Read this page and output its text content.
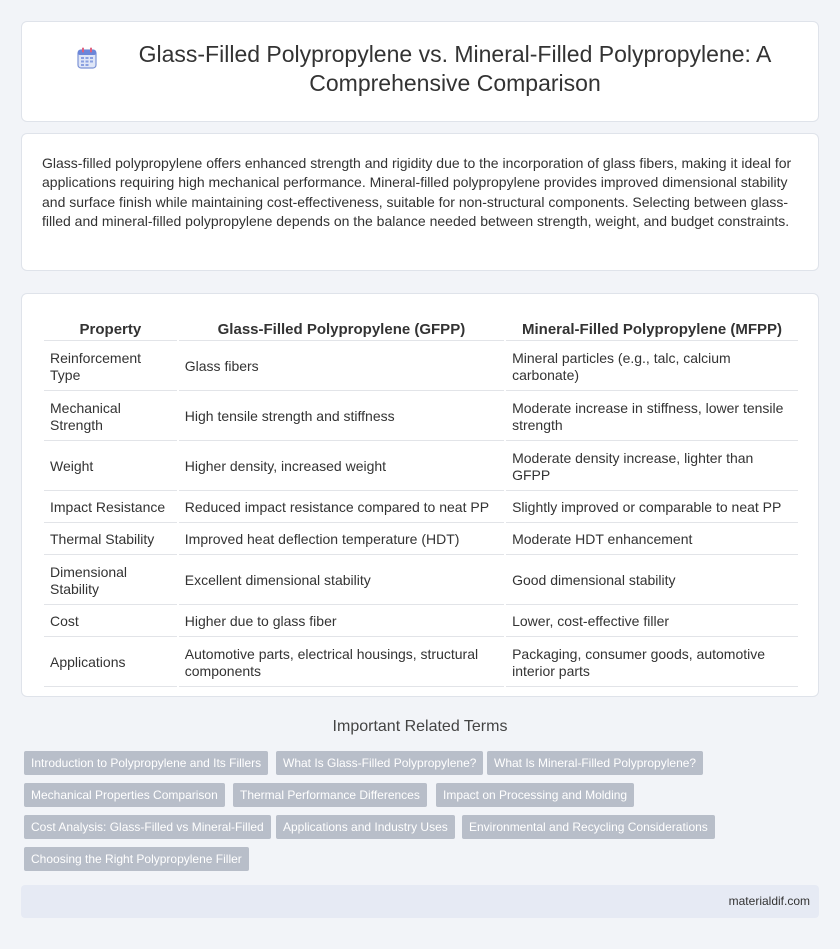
Glass-Filled Polypropylene vs. Mineral-Filled Polypropylene: A
Comprehensive Comparison

Glass-filled polypropylene offers enhanced strength and rigidity due to the incorporation of glass fibers, making it ideal for applications requiring high mechanical performance. Mineral-filled polypropylene provides improved dimensional stability and surface finish while maintaining cost-effectiveness, suitable for non-structural components. Selecting between glass-filled and mineral-filled polypropylene depends on the balance needed between strength, weight, and budget constraints.

Property	Glass-Filled Polypropylene (GFPP)	Mineral-Filled Polypropylene (MFPP)
Reinforcement Type	Glass fibers	Mineral particles (e.g., talc, calcium carbonate)
Mechanical Strength	High tensile strength and stiffness	Moderate increase in stiffness, lower tensile strength
Weight	Higher density, increased weight	Moderate density increase, lighter than GFPP
Impact Resistance	Reduced impact resistance compared to neat PP	Slightly improved or comparable to neat PP
Thermal Stability	Improved heat deflection temperature (HDT)	Moderate HDT enhancement
Dimensional Stability	Excellent dimensional stability	Good dimensional stability
Cost	Higher due to glass fiber	Lower, cost-effective filler
Applications	Automotive parts, electrical housings, structural components	Packaging, consumer goods, automotive interior parts
Important Related Terms
Introduction to Polypropylene and Its Fillers	What Is Glass-Filled Polypropylene?	What Is Mineral-Filled Polypropylene?
Mechanical Properties Comparison	Thermal Performance Differences	Impact on Processing and Molding
Cost Analysis: Glass-Filled vs Mineral-Filled	Applications and Industry Uses	Environmental and Recycling Considerations
Choosing the Right Polypropylene Filler
materialdif.com
